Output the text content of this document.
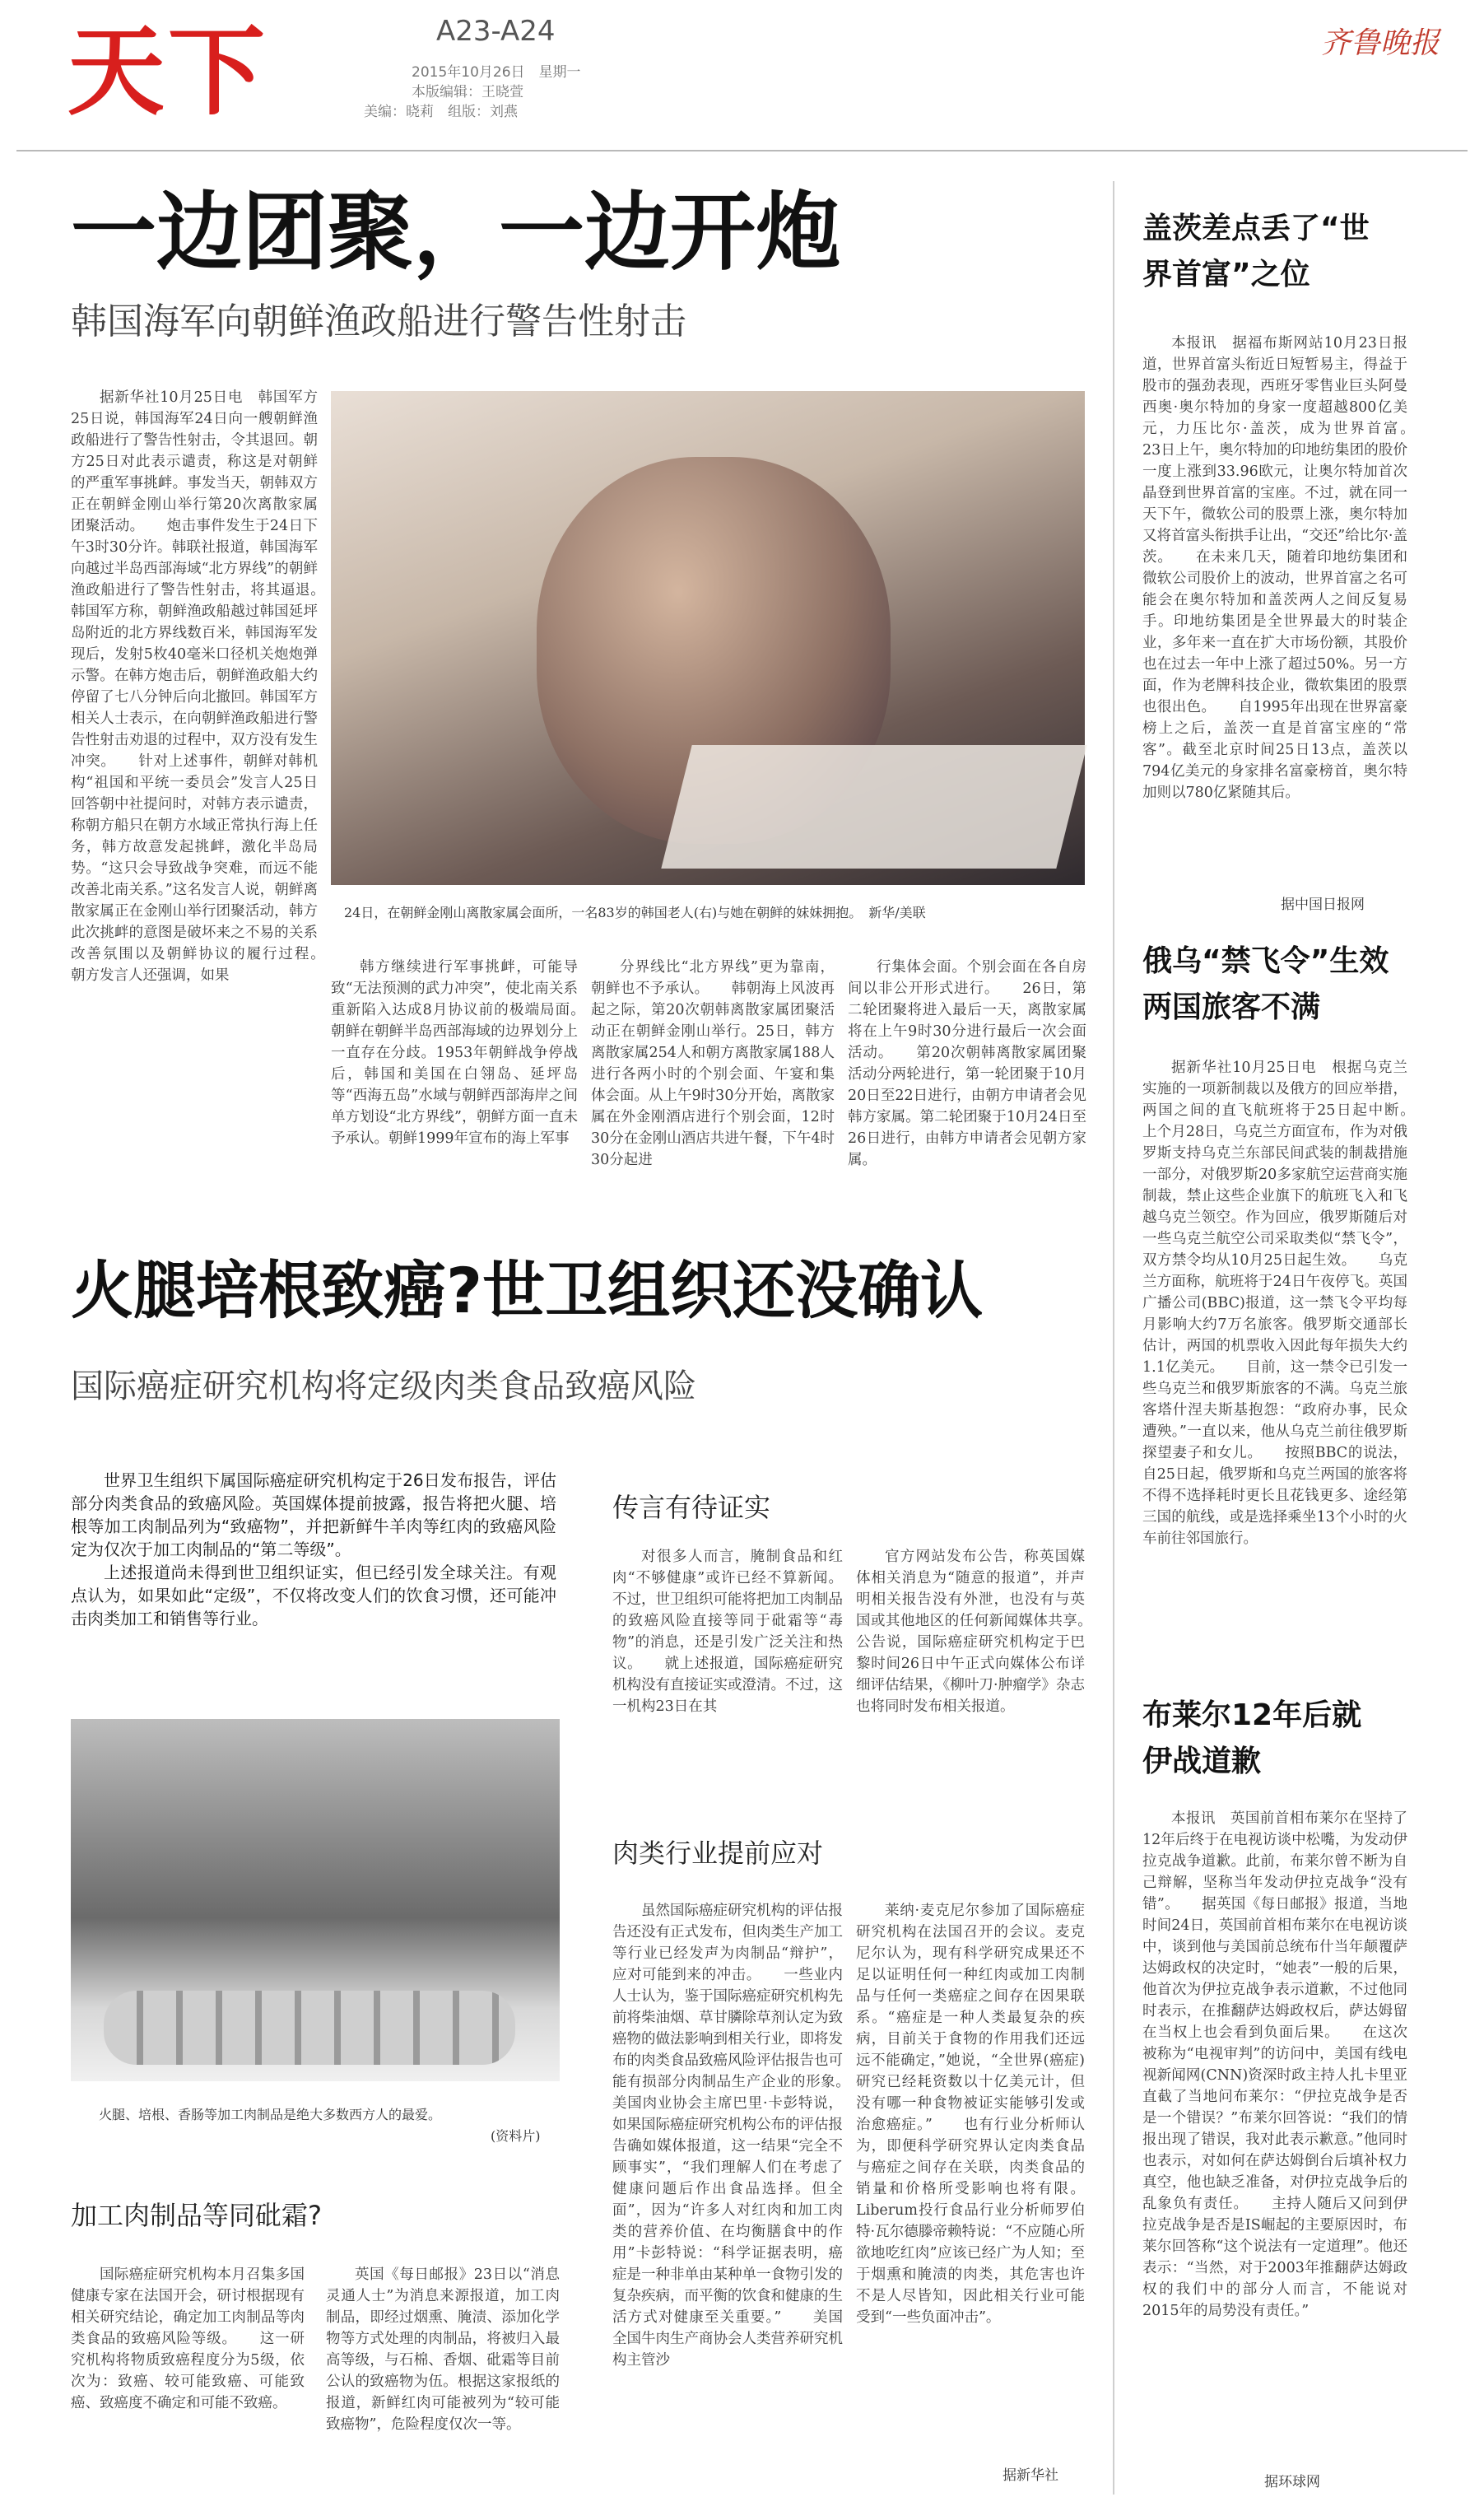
天下	A23-A24
2015年10月26日　星期一
本版编辑：王晓萱
美编：晓莉　组版：刘燕
齐鲁晚报
一边团聚，一边开炮
韩国海军向朝鲜渔政船进行警告性射击

据新华社10月25日电　韩国军方25日说，韩国海军24日向一艘朝鲜渔政船进行了警告性射击，令其退回。朝方25日对此表示谴责，称这是对朝鲜的严重军事挑衅。事发当天，朝韩双方正在朝鲜金刚山举行第20次离散家属团聚活动。　　炮击事件发生于24日下午3时30分许。韩联社报道，韩国海军向越过半岛西部海域“北方界线”的朝鲜渔政船进行了警告性射击，将其逼退。　　韩国军方称，朝鲜渔政船越过韩国延坪岛附近的北方界线数百米，韩国海军发现后，发射5枚40毫米口径机关炮炮弹示警。在韩方炮击后，朝鲜渔政船大约停留了七八分钟后向北撤回。韩国军方相关人士表示，在向朝鲜渔政船进行警告性射击劝退的过程中，双方没有发生冲突。　　针对上述事件，朝鲜对韩机构“祖国和平统一委员会”发言人25日回答朝中社提问时，对韩方表示谴责，称朝方船只在朝方水域正常执行海上任务，韩方故意发起挑衅，激化半岛局势。“这只会导致战争突难，而远不能改善北南关系。”这名发言人说，朝鲜离散家属正在金刚山举行团聚活动，韩方此次挑衅的意图是破坏来之不易的关系改善氛围以及朝鲜协议的履行过程。　　朝方发言人还强调，如果

24日，在朝鲜金刚山离散家属会面所，一名83岁的韩国老人(右)与她在朝鲜的妹妹拥抱。　新华/美联

韩方继续进行军事挑衅，可能导致“无法预测的武力冲突”，使北南关系重新陷入达成8月协议前的极端局面。　　朝鲜在朝鲜半岛西部海域的边界划分上一直存在分歧。1953年朝鲜战争停战后，韩国和美国在白翎岛、延坪岛等“西海五岛”水域与朝鲜西部海岸之间单方划设“北方界线”，朝鲜方面一直未予承认。朝鲜1999年宣布的海上军事

分界线比“北方界线”更为靠南，朝鲜也不予承认。　　韩朝海上风波再起之际，第20次朝韩离散家属团聚活动正在朝鲜金刚山举行。25日，韩方离散家属254人和朝方离散家属188人进行各两小时的个别会面、午宴和集体会面。从上午9时30分开始，离散家属在外金刚酒店进行个别会面，12时30分在金刚山酒店共进午餐，下午4时30分起进

行集体会面。个别会面在各自房间以非公开形式进行。　　26日，第二轮团聚将进入最后一天，离散家属将在上午9时30分进行最后一次会面活动。　　第20次朝韩离散家属团聚活动分两轮进行，第一轮团聚于10月20日至22日进行，由朝方申请者会见韩方家属。第二轮团聚于10月24日至26日进行，由韩方申请者会见朝方家属。

火腿培根致癌?世卫组织还没确认
国际癌症研究机构将定级肉类食品致癌风险

世界卫生组织下属国际癌症研究机构定于26日发布报告，评估部分肉类食品的致癌风险。英国媒体提前披露，报告将把火腿、培根等加工肉制品列为“致癌物”，并把新鲜牛羊肉等红肉的致癌风险定为仅次于加工肉制品的“第二等级”。

上述报道尚未得到世卫组织证实，但已经引发全球关注。有观点认为，如果如此“定级”，不仅将改变人们的饮食习惯，还可能冲击肉类加工和销售等行业。

火腿、培根、香肠等加工肉制品是绝大多数西方人的最爱。
(资料片)
传言有待证实

对很多人而言，腌制食品和红肉“不够健康”或许已经不算新闻。不过，世卫组织可能将把加工肉制品的致癌风险直接等同于砒霜等“毒物”的消息，还是引发广泛关注和热议。　　就上述报道，国际癌症研究机构没有直接证实或澄清。不过，这一机构23日在其

官方网站发布公告，称英国媒体相关消息为“随意的报道”，并声明相关报告没有外泄，也没有与英国或其他地区的任何新闻媒体共享。　　公告说，国际癌症研究机构定于巴黎时间26日中午正式向媒体公布详细评估结果，《柳叶刀·肿瘤学》杂志也将同时发布相关报道。

肉类行业提前应对

虽然国际癌症研究机构的评估报告还没有正式发布，但肉类生产加工等行业已经发声为肉制品“辩护”，应对可能到来的冲击。　　一些业内人士认为，鉴于国际癌症研究机构先前将柴油烟、草甘膦除草剂认定为致癌物的做法影响到相关行业，即将发布的肉类食品致癌风险评估报告也可能有损部分肉制品生产企业的形象。　　美国肉业协会主席巴里·卡彭特说，如果国际癌症研究机构公布的评估报告确如媒体报道，这一结果“完全不顾事实”，“我们理解人们在考虑了健康问题后作出食品选择。但全面”，因为“许多人对红肉和加工肉类的营养价值、在均衡膳食中的作用”卡彭特说：“科学证据表明，癌症是一种非单由某种单一食物引发的复杂疾病，而平衡的饮食和健康的生活方式对健康至关重要。”　　美国全国牛肉生产商协会人类营养研究机构主管沙

莱纳·麦克尼尔参加了国际癌症研究机构在法国召开的会议。麦克尼尔认为，现有科学研究成果还不足以证明任何一种红肉或加工肉制品与任何一类癌症之间存在因果联系。“癌症是一种人类最复杂的疾病，目前关于食物的作用我们还远远不能确定，”她说，“全世界(癌症)研究已经耗资数以十亿美元计，但没有哪一种食物被证实能够引发或治愈癌症。”　　也有行业分析师认为，即便科学研究界认定肉类食品与癌症之间存在关联，肉类食品的销量和价格所受影响也将有限。Liberum投行食品行业分析师罗伯特·瓦尔德滕帝赖特说：“不应随心所欲地吃红肉”应该已经广为人知；至于烟熏和腌渍的肉类，其危害也许不是人尽皆知，因此相关行业可能受到“一些负面冲击”。

据新华社
加工肉制品等同砒霜?

国际癌症研究机构本月召集多国健康专家在法国开会，研讨根据现有相关研究结论，确定加工肉制品等肉类食品的致癌风险等级。　　这一研究机构将物质致癌程度分为5级，依次为：致癌、较可能致癌、可能致癌、致癌度不确定和可能不致癌。

英国《每日邮报》23日以“消息灵通人士”为消息来源报道，加工肉制品，即经过烟熏、腌渍、添加化学物等方式处理的肉制品，将被归入最高等级，与石棉、香烟、砒霜等目前公认的致癌物为伍。根据这家报纸的报道，新鲜红肉可能被列为“较可能致癌物”，危险程度仅次一等。

盖茨差点丢了“世界首富”之位

本报讯　据福布斯网站10月23日报道，世界首富头衔近日短暂易主，得益于股市的强劲表现，西班牙零售业巨头阿曼西奥·奥尔特加的身家一度超越800亿美元，力压比尔·盖茨，成为世界首富。　　23日上午，奥尔特加的印地纺集团的股价一度上涨到33.96欧元，让奥尔特加首次晶登到世界首富的宝座。不过，就在同一天下午，微软公司的股票上涨，奥尔特加又将首富头衔拱手让出，“交还”给比尔·盖茨。　　在未来几天，随着印地纺集团和微软公司股价上的波动，世界首富之名可能会在奥尔特加和盖茨两人之间反复易手。印地纺集团是全世界最大的时装企业，多年来一直在扩大市场份额，其股价也在过去一年中上涨了超过50%。另一方面，作为老牌科技企业，微软集团的股票也很出色。　　自1995年出现在世界富豪榜上之后，盖茨一直是首富宝座的“常客”。截至北京时间25日13点，盖茨以794亿美元的身家排名富豪榜首，奥尔特加则以780亿紧随其后。

据中国日报网
俄乌“禁飞令”生效两国旅客不满

据新华社10月25日电　根据乌克兰实施的一项新制裁以及俄方的回应举措，两国之间的直飞航班将于25日起中断。　　上个月28日，乌克兰方面宣布，作为对俄罗斯支持乌克兰东部民间武装的制裁措施一部分，对俄罗斯20多家航空运营商实施制裁，禁止这些企业旗下的航班飞入和飞越乌克兰领空。作为回应，俄罗斯随后对一些乌克兰航空公司采取类似“禁飞令”，双方禁令均从10月25日起生效。　　乌克兰方面称，航班将于24日午夜停飞。英国广播公司(BBC)报道，这一禁飞令平均每月影响大约7万名旅客。俄罗斯交通部长估计，两国的机票收入因此每年损失大约1.1亿美元。　　目前，这一禁令已引发一些乌克兰和俄罗斯旅客的不满。乌克兰旅客塔什涅夫斯基抱怨：“政府办事，民众遭殃。”一直以来，他从乌克兰前往俄罗斯探望妻子和女儿。　　按照BBC的说法，自25日起，俄罗斯和乌克兰两国的旅客将不得不选择耗时更长且花钱更多、途经第三国的航线，或是选择乘坐13个小时的火车前往邻国旅行。

布莱尔12年后就伊战道歉

本报讯　英国前首相布莱尔在坚持了12年后终于在电视访谈中松嘴，为发动伊拉克战争道歉。此前，布莱尔曾不断为自己辩解，坚称当年发动伊拉克战争“没有错”。　　据英国《每日邮报》报道，当地时间24日，英国前首相布莱尔在电视访谈中，谈到他与美国前总统布什当年颠覆萨达姆政权的决定时，“她表”一般的后果，他首次为伊拉克战争表示道歉，不过他同时表示，在推翻萨达姆政权后，萨达姆留在当权上也会看到负面后果。　　在这次被称为“电视审判”的访问中，美国有线电视新闻网(CNN)资深时政主持人扎卡里亚直截了当地问布莱尔：“伊拉克战争是否是一个错误？”布莱尔回答说：“我们的情报出现了错误，我对此表示歉意。”他同时也表示，对如何在萨达姆倒台后填补权力真空，他也缺乏准备，对伊拉克战争后的乱象负有责任。　　主持人随后又问到伊拉克战争是否是IS崛起的主要原因时，布莱尔回答称“这个说法有一定道理”。他还表示：“当然，对于2003年推翻萨达姆政权的我们中的部分人而言，不能说对2015年的局势没有责任。”

据环球网
